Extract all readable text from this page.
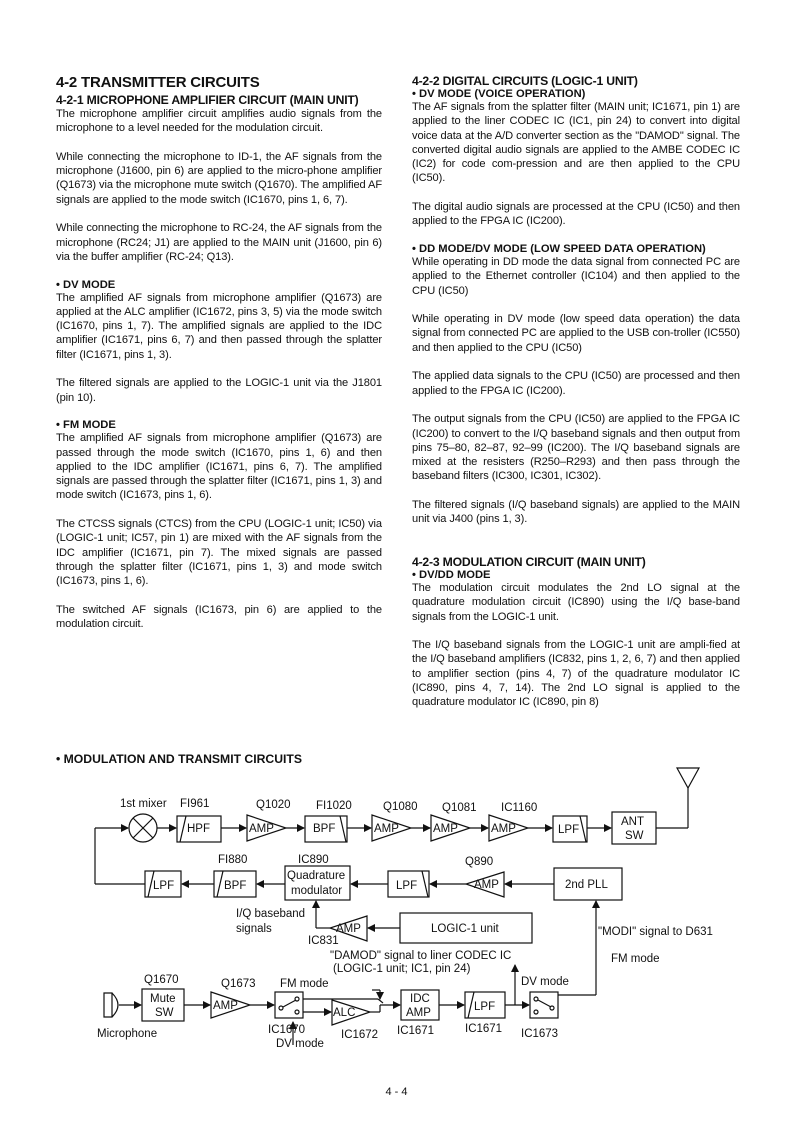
4-2 TRANSMITTER CIRCUITS

4-2-1 MICROPHONE AMPLIFIER CIRCUIT (MAIN UNIT)

The microphone amplifier circuit amplifies audio signals from the microphone to a level needed for the modulation circuit.

While connecting the microphone to ID-1, the AF signals from the microphone (J1600, pin 6) are applied to the micro-phone amplifier (Q1673) via the microphone mute switch (Q1670). The amplified AF signals are applied to the mode switch (IC1670, pins 1, 6, 7).

While connecting the microphone to RC-24, the AF signals from the microphone (RC24; J1) are applied to the MAIN unit (J1600, pin 6) via the buffer amplifier (RC-24; Q13).

• DV MODE

The amplified AF signals from microphone amplifier (Q1673) are applied at the ALC amplifier (IC1672, pins 3, 5) via the mode switch (IC1670, pins 1, 7). The amplified signals are applied to the IDC amplifier (IC1671, pins 6, 7) and then passed through the splatter filter (IC1671, pins 1, 3).

The filtered signals are applied to the LOGIC-1 unit via the J1801 (pin 10).

• FM MODE

The amplified AF signals from microphone amplifier (Q1673) are passed through the mode switch (IC1670, pins 1, 6) and then applied to the IDC amplifier (IC1671, pins 6, 7). The amplified signals are passed through the splatter filter (IC1671, pins 1, 3) and mode switch (IC1673, pins 1, 6).

The CTCSS signals (CTCS) from the CPU (LOGIC-1 unit; IC50) via (LOGIC-1 unit; IC57, pin 1) are mixed with the AF signals from the IDC amplifier (IC1671, pin 7). The mixed signals are passed through the splatter filter (IC1671, pins 1, 3) and mode switch (IC1673, pins 1, 6).

The switched AF signals (IC1673, pin 6) are applied to the modulation circuit.

4-2-2 DIGITAL CIRCUITS (LOGIC-1 UNIT)

• DV MODE (VOICE OPERATION)

The AF signals from the splatter filter (MAIN unit; IC1671, pin 1) are applied to the liner CODEC IC (IC1, pin 24) to convert into digital voice data at the A/D converter section as the "DAMOD" signal. The converted digital audio signals are applied to the AMBE CODEC IC (IC2) for code com-pression and are then applied to the CPU (IC50).

The digital audio signals are processed at the CPU (IC50) and then applied to the FPGA IC (IC200).

• DD MODE/DV MODE (LOW SPEED DATA OPERATION)

While operating in DD mode the data signal from connected PC are applied to the Ethernet controller (IC104) and then applied to the CPU (IC50)

While operating in DV mode (low speed data operation) the data signal from connected PC are applied to the USB con-troller (IC550) and then applied to the CPU (IC50)

The applied data signals to the CPU (IC50) are processed and then applied to the FPGA IC (IC200).

The output signals from the CPU (IC50) are applied to the FPGA IC (IC200) to convert to the I/Q baseband signals and then output from pins 75–80, 82–87, 92–99 (IC200). The I/Q baseband signals are mixed at the resisters (R250–R293) and then pass through the baseband filters (IC300, IC301, IC302).

The filtered signals (I/Q baseband signals) are applied to the MAIN unit via J400 (pins 1, 3).

4-2-3 MODULATION CIRCUIT (MAIN UNIT)

• DV/DD MODE

The modulation circuit modulates the 2nd LO signal at the quadrature modulation circuit (IC890) using the I/Q base-band signals from the LOGIC-1 unit.

The I/Q baseband signals from the LOGIC-1 unit are ampli-fied at the I/Q baseband amplifiers (IC832, pins 1, 2, 6, 7) and then applied to amplifier section (pins 4, 7) of the quadrature modulator IC (IC890, pins 4, 7, 14). The 2nd LO signal is applied to the quadrature modulator IC (IC890, pin 8)

• MODULATION AND TRANSMIT CIRCUITS

1st mixer FI961	Q1020 FI1020	Q1080 Q1081 IC1160
HPF	AMP	BPF	AMP	AMP	AMP	LPF
ANT
SW
FI880	IC890	Q890
2nd PLL
AMP
LPF
Quadrature
modulator
BPF
LPF
I/Q baseband
signals
IC831
AMP	LOGIC-1 unit	"MODI" signal to D631
FM mode
"DAMOD" signal to liner CODEC IC
(LOGIC-1 unit; IC1, pin 24)
Q1670	Q1673 FM mode	DV mode
Mute
SW
AMP
ALC
IDC
AMP	LPF
Microphone	IC1670	IC1672 IC1671	IC1671 IC1673
DV mode

4 - 4
